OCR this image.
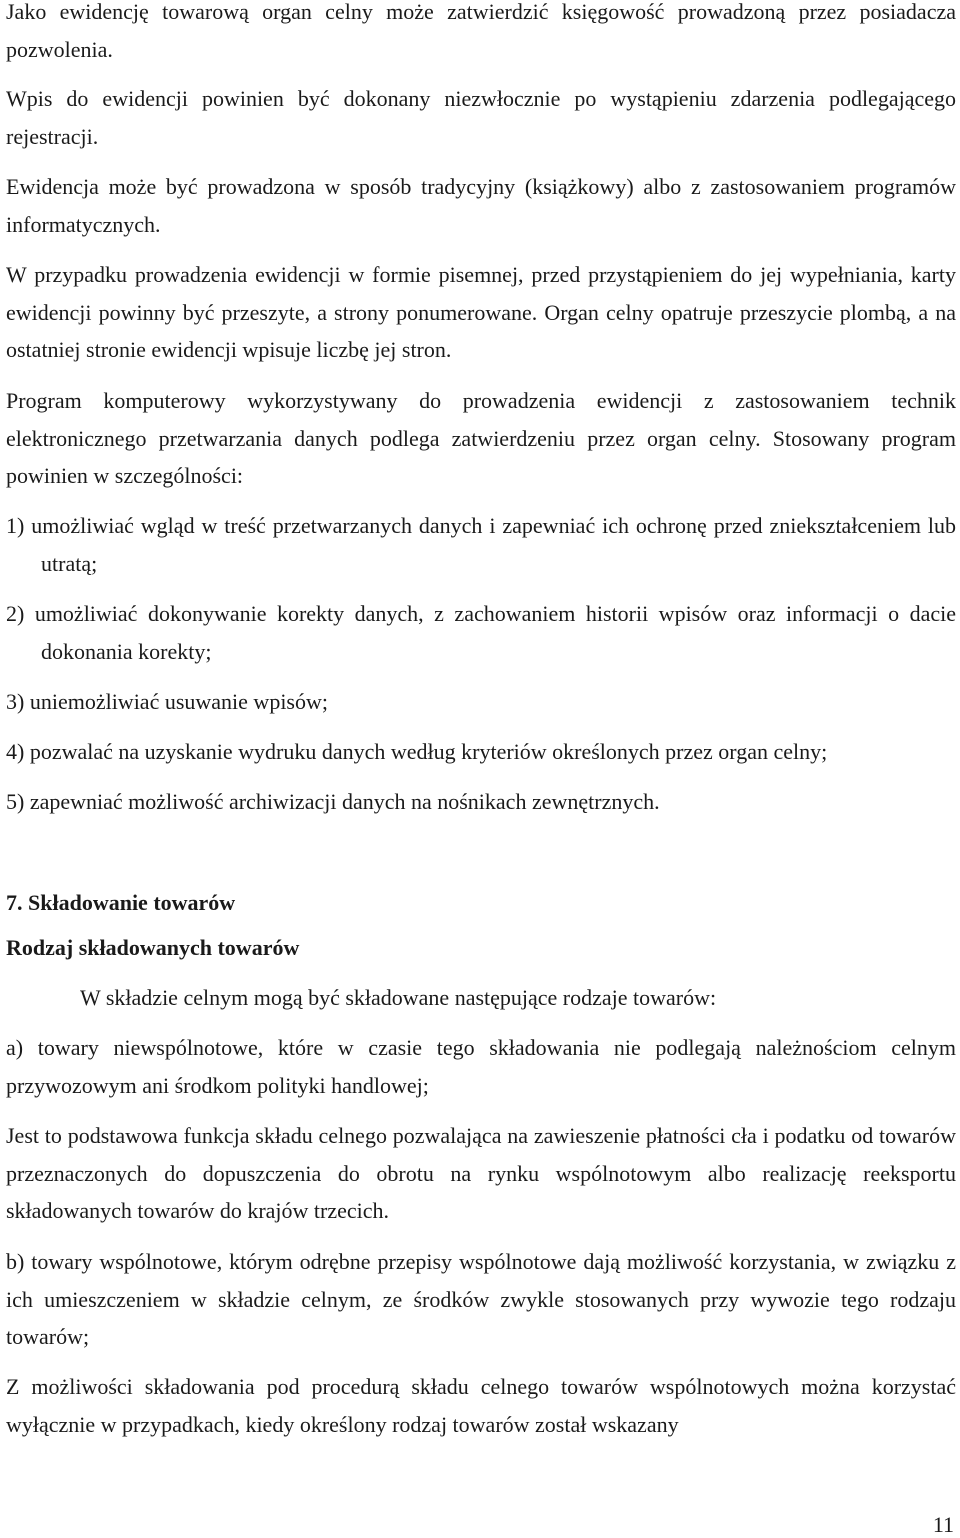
Jako ewidencję towarową organ celny może zatwierdzić księgowość prowadzoną przez posiadacza pozwolenia.

Wpis do ewidencji powinien być dokonany niezwłocznie po wystąpieniu zdarzenia podlegającego rejestracji.

Ewidencja może być prowadzona w sposób tradycyjny (książkowy) albo z zastosowaniem programów informatycznych.

W przypadku prowadzenia ewidencji w formie pisemnej, przed przystąpieniem do jej wypełniania, karty ewidencji powinny być przeszyte, a strony ponumerowane. Organ celny opatruje przeszycie plombą, a na ostatniej stronie ewidencji wpisuje liczbę jej stron.

Program komputerowy wykorzystywany do prowadzenia ewidencji z zastosowaniem technik elektronicznego przetwarzania danych podlega zatwierdzeniu przez organ celny. Stosowany program powinien w szczególności:

1) umożliwiać wgląd w treść przetwarzanych danych i zapewniać ich ochronę przed zniekształceniem lub utratą;

2) umożliwiać dokonywanie korekty danych, z zachowaniem historii wpisów oraz informacji o dacie dokonania korekty;

3) uniemożliwiać usuwanie wpisów;

4) pozwalać na uzyskanie wydruku danych według kryteriów określonych przez organ celny;

5) zapewniać możliwość archiwizacji danych na nośnikach zewnętrznych.

7. Składowanie towarów
Rodzaj składowanych towarów

W składzie celnym mogą być składowane następujące rodzaje towarów:

a) towary niewspólnotowe, które w czasie tego składowania nie podlegają należnościom celnym przywozowym ani środkom polityki handlowej;

Jest to podstawowa funkcja składu celnego pozwalająca na zawieszenie płatności cła i podatku od towarów przeznaczonych do dopuszczenia do obrotu na rynku wspólnotowym albo realizację reeksportu składowanych towarów do krajów trzecich.

b) towary wspólnotowe, którym odrębne przepisy wspólnotowe dają możliwość korzystania, w związku z ich umieszczeniem w składzie celnym, ze środków zwykle stosowanych przy wywozie tego rodzaju towarów;

Z możliwości składowania pod procedurą składu celnego towarów wspólnotowych można korzystać wyłącznie w przypadkach, kiedy określony rodzaj towarów został wskazany

11
